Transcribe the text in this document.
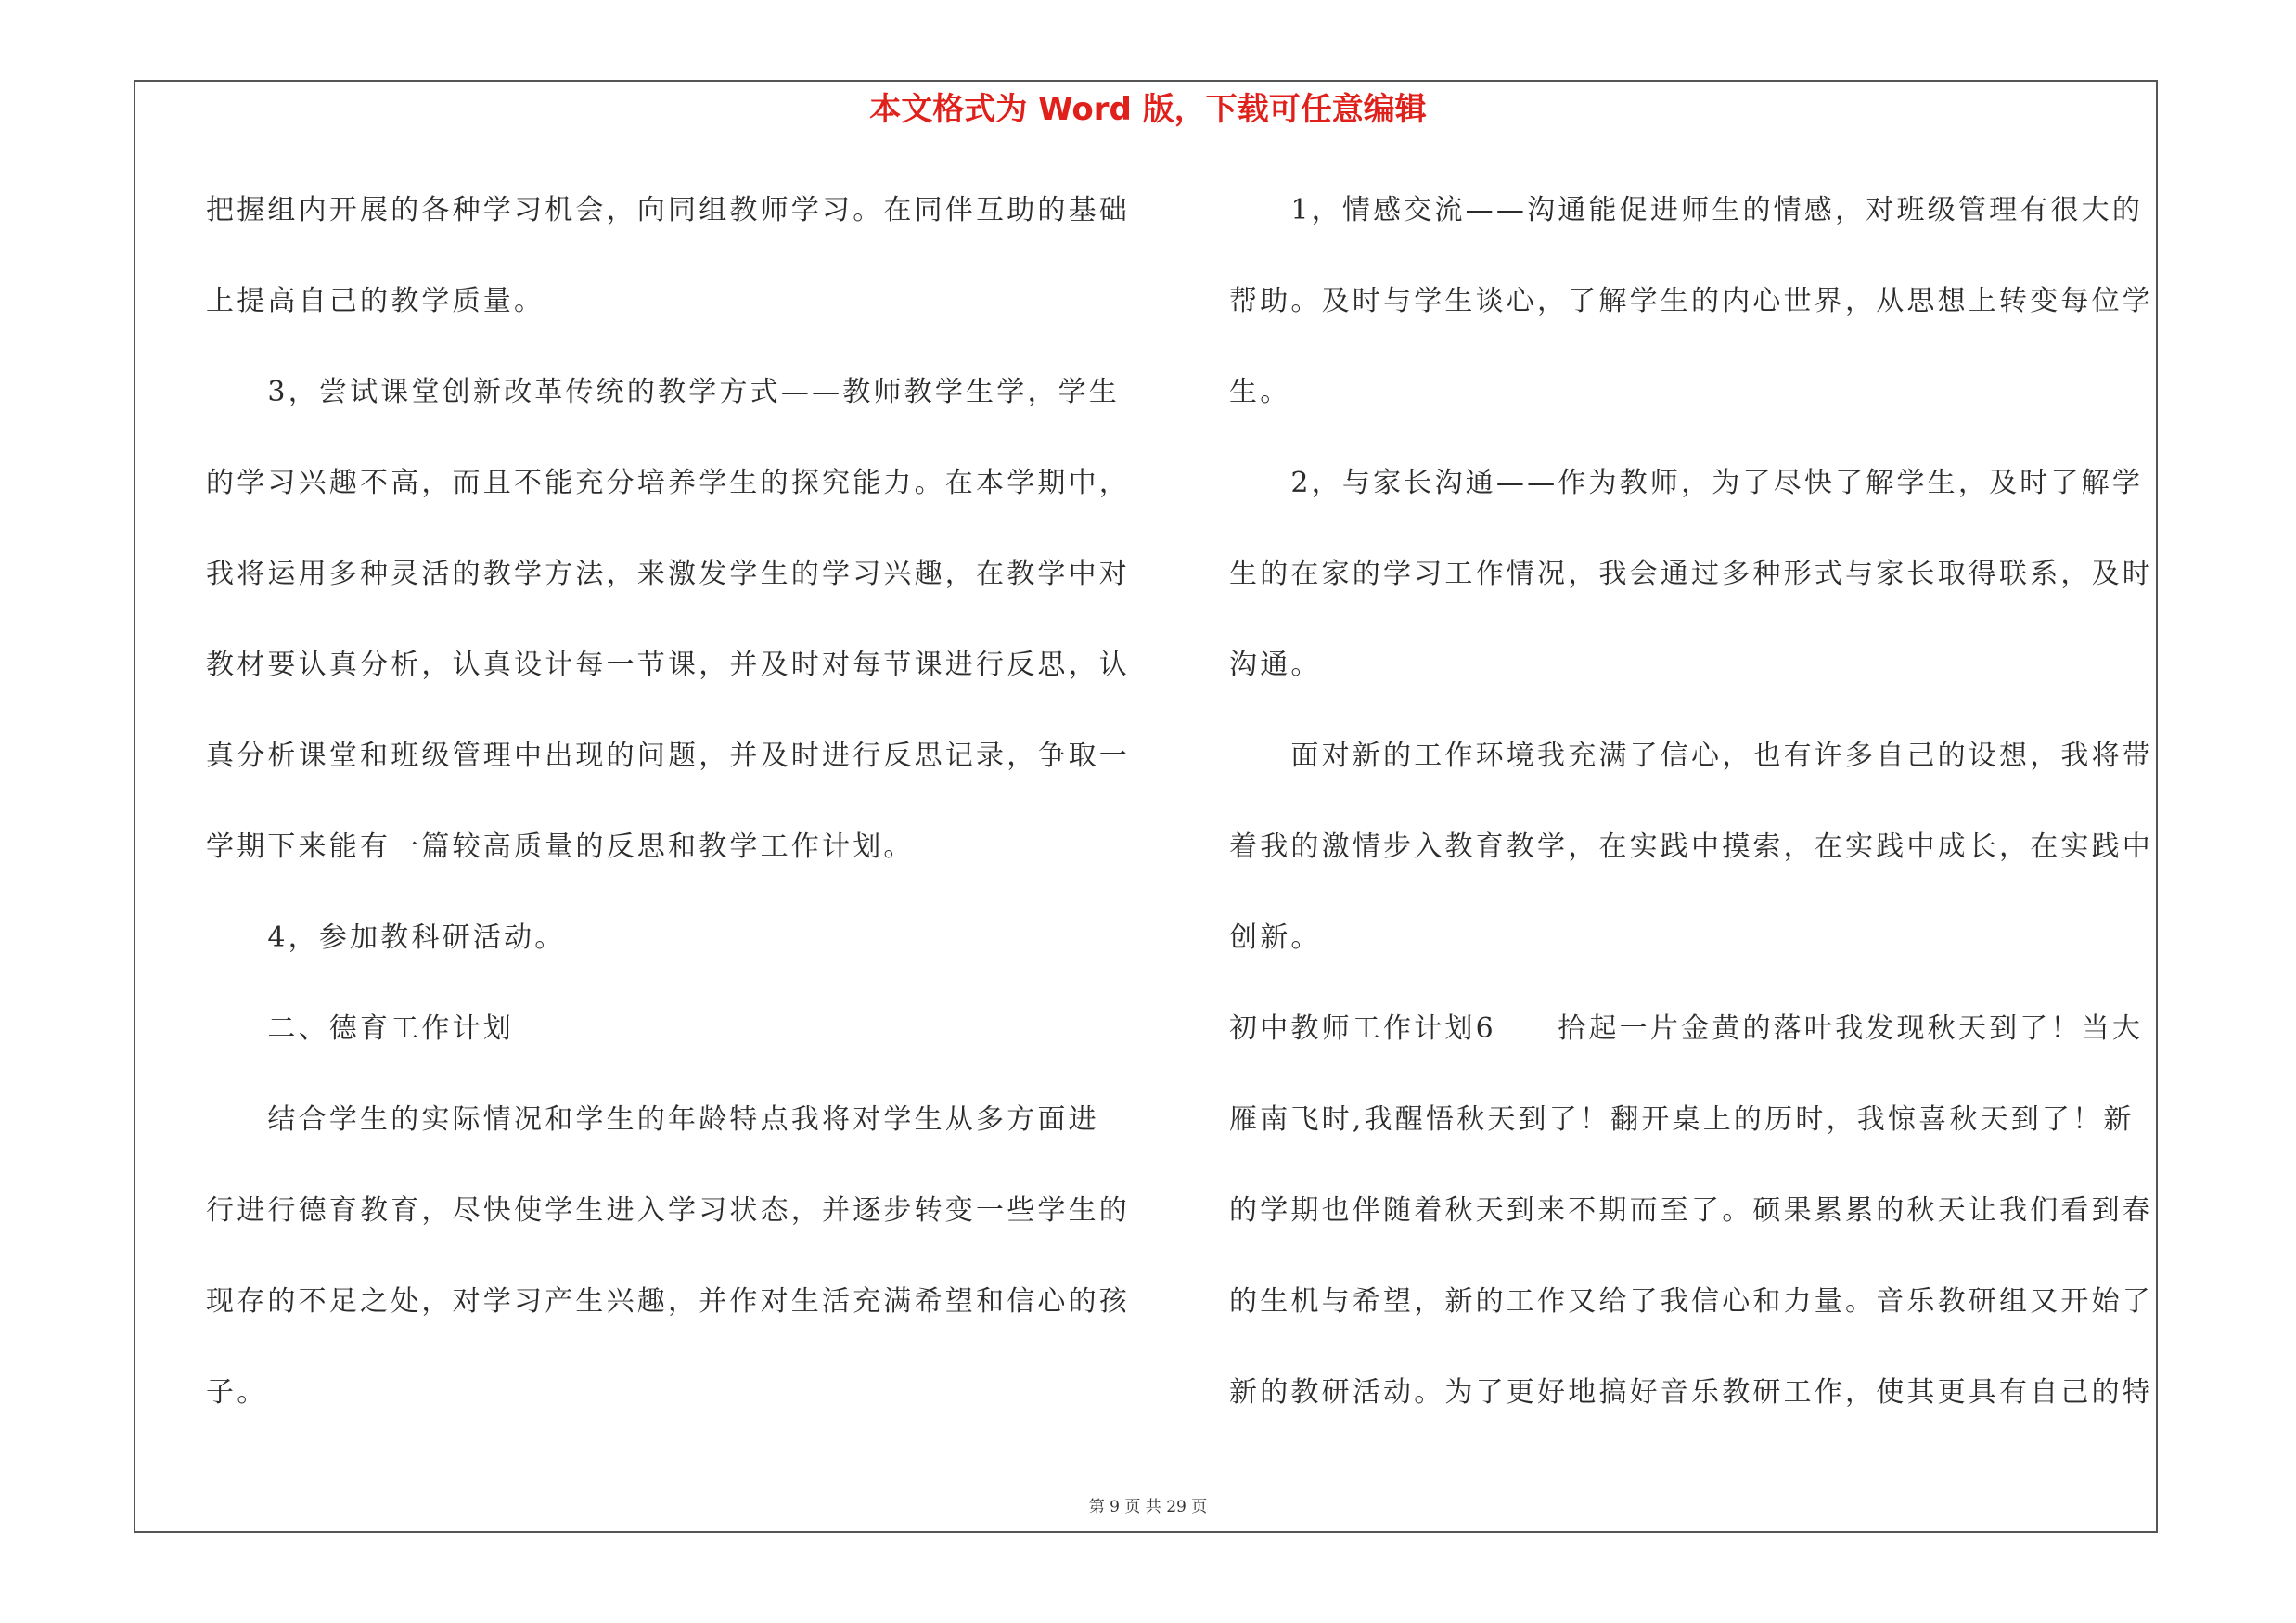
本文格式为 Word 版，下载可任意编辑
把握组内开展的各种学习机会，向同组教师学习。在同伴互助的基础
上提高自己的教学质量。
　　3，尝试课堂创新改革传统的教学方式——教师教学生学，学生
的学习兴趣不高，而且不能充分培养学生的探究能力。在本学期中，
我将运用多种灵活的教学方法，来激发学生的学习兴趣，在教学中对
教材要认真分析，认真设计每一节课，并及时对每节课进行反思，认
真分析课堂和班级管理中出现的问题，并及时进行反思记录，争取一
学期下来能有一篇较高质量的反思和教学工作计划。
　　4，参加教科研活动。
　　二、德育工作计划
　　结合学生的实际情况和学生的年龄特点我将对学生从多方面进
行进行德育教育，尽快使学生进入学习状态，并逐步转变一些学生的
现存的不足之处，对学习产生兴趣，并作对生活充满希望和信心的孩
子。
　　1，情感交流——沟通能促进师生的情感，对班级管理有很大的
帮助。及时与学生谈心，了解学生的内心世界，从思想上转变每位学
生。
　　2，与家长沟通——作为教师，为了尽快了解学生，及时了解学
生的在家的学习工作情况，我会通过多种形式与家长取得联系，及时
沟通。
　　面对新的工作环境我充满了信心，也有许多自己的设想，我将带
着我的激情步入教育教学，在实践中摸索，在实践中成长，在实践中
创新。
初中教师工作计划6　　拾起一片金黄的落叶我发现秋天到了！当大
雁南飞时,我醒悟秋天到了！翻开桌上的历时，我惊喜秋天到了！新
的学期也伴随着秋天到来不期而至了。硕果累累的秋天让我们看到春
的生机与希望，新的工作又给了我信心和力量。音乐教研组又开始了
新的教研活动。为了更好地搞好音乐教研工作，使其更具有自己的特
第 9 页 共 29 页
